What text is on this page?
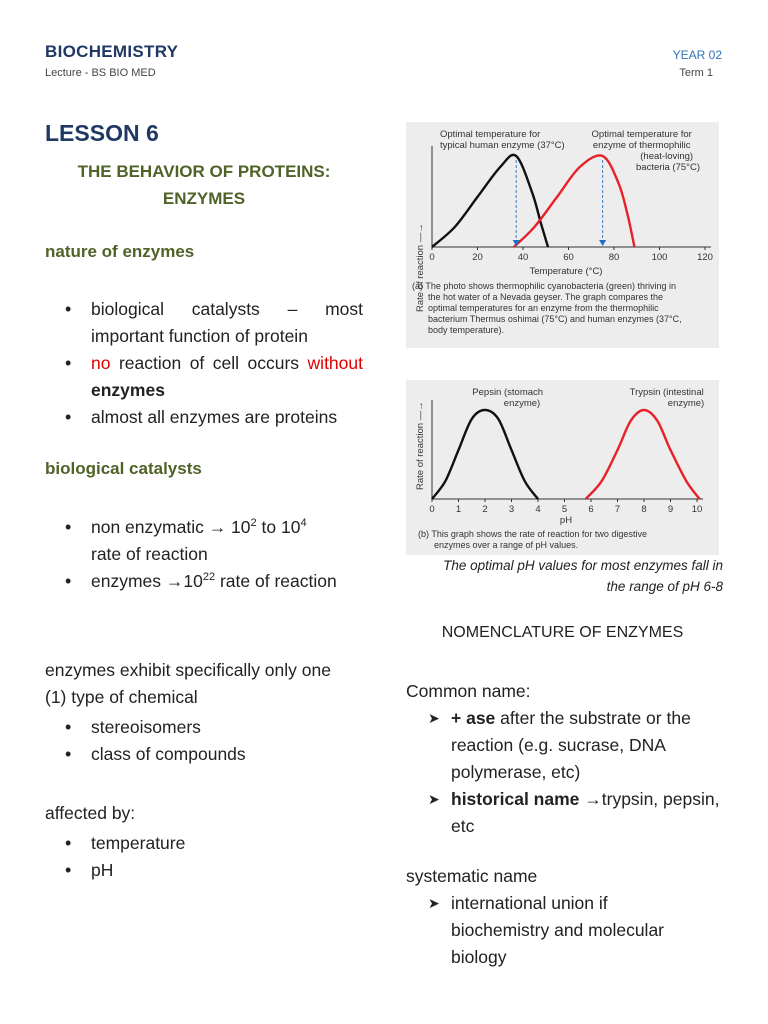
BIOCHEMISTRY
Lecture - BS BIO MED
YEAR 02
Term 1
LESSON 6
THE BEHAVIOR OF PROTEINS:
ENZYMES
nature of enzymes
• biological catalysts – most important function of protein
• no reaction of cell occurs without enzymes
• almost all enzymes are proteins
biological catalysts
• non enzymatic → $10^2$ to $10^4$
rate of reaction
• enzymes $\to 10^{22}$ rate of reaction
enzymes exhibit specifically only one (1) type of chemical
• stereoisomers
• class of compounds
affected by:
• temperature
• pH
Rate of reaction —→
Optimal temperature for typical human enzyme (37°C)
Optimal temperature for enzyme of thermophilic (heat-loving) bacteria (75°C)
0	20	40	60	80	100	120
Temperature (°C)
(a) The photo shows thermophilic cyanobacteria (green) thriving in the hot water of a Nevada geyser. The graph compares the optimal temperatures for an enzyme from the thermophilic bacterium Thermus oshimai (75°C) and human enzymes (37°C, body temperature).
Rate of reaction —→
Pepsin (stomach enzyme)
Trypsin (intestinal enzyme)
0 1 2 3 4 5 6 7 8 9 10
pH
(b) This graph shows the rate of reaction for two digestive enzymes over a range of pH values.
The optimal pH values for most enzymes fall in
the range of pH 6-8
NOMENCLATURE OF ENZYMES
Common name:
➤ + ase after the substrate or the reaction (e.g. sucrase, DNA polymerase, etc)
➤ historical name →trypsin, pepsin, etc
systematic name
➤ international union if biochemistry and molecular biology
